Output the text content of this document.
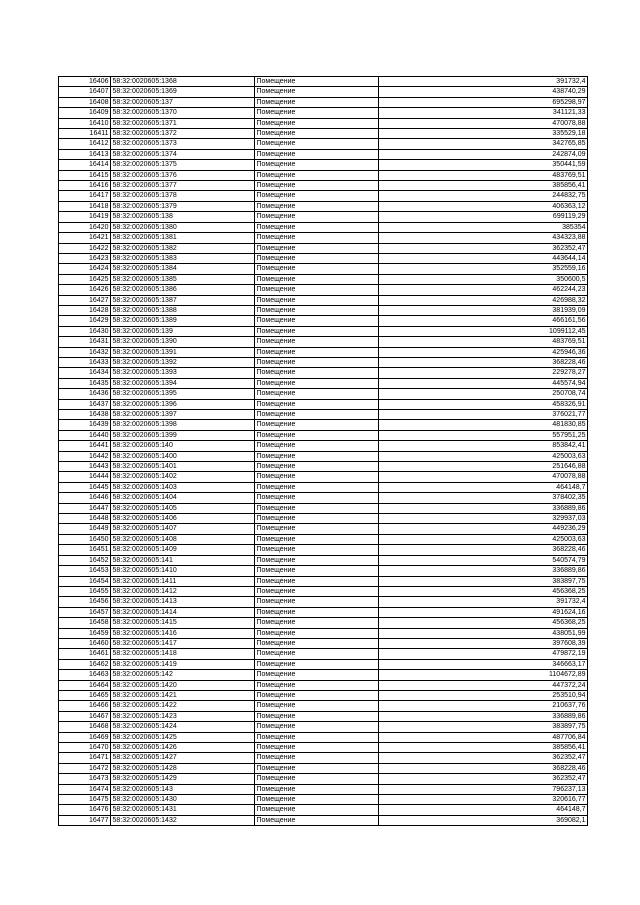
16406	58:32:0020605:1368	Помещение	391732,4
16407	58:32:0020605:1369	Помещение	438740,29
16408	58:32:0020605:137	Помещение	695298,97
16409	58:32:0020605:1370	Помещение	341121,33
16410	58:32:0020605:1371	Помещение	470078,88
16411	58:32:0020605:1372	Помещение	335529,18
16412	58:32:0020605:1373	Помещение	342765,85
16413	58:32:0020605:1374	Помещение	242874,09
16414	58:32:0020605:1375	Помещение	350441,59
16415	58:32:0020605:1376	Помещение	483769,51
16416	58:32:0020605:1377	Помещение	385856,41
16417	58:32:0020605:1378	Помещение	244832,75
16418	58:32:0020605:1379	Помещение	406363,12
16419	58:32:0020605:138	Помещение	699119,29
16420	58:32:0020605:1380	Помещение	385354
16421	58:32:0020605:1381	Помещение	434323,88
16422	58:32:0020605:1382	Помещение	362352,47
16423	58:32:0020605:1383	Помещение	443644,14
16424	58:32:0020605:1384	Помещение	352559,16
16425	58:32:0020605:1385	Помещение	350600,5
16426	58:32:0020605:1386	Помещение	462244,23
16427	58:32:0020605:1387	Помещение	426988,32
16428	58:32:0020605:1388	Помещение	381939,09
16429	58:32:0020605:1389	Помещение	466161,56
16430	58:32:0020605:139	Помещение	1099112,45
16431	58:32:0020605:1390	Помещение	483769,51
16432	58:32:0020605:1391	Помещение	425946,36
16433	58:32:0020605:1392	Помещение	368228,46
16434	58:32:0020605:1393	Помещение	229278,27
16435	58:32:0020605:1394	Помещение	445574,94
16436	58:32:0020605:1395	Помещение	250708,74
16437	58:32:0020605:1396	Помещение	458326,91
16438	58:32:0020605:1397	Помещение	376021,77
16439	58:32:0020605:1398	Помещение	481830,85
16440	58:32:0020605:1399	Помещение	557951,25
16441	58:32:0020605:140	Помещение	853842,41
16442	58:32:0020605:1400	Помещение	425003,63
16443	58:32:0020605:1401	Помещение	251646,88
16444	58:32:0020605:1402	Помещение	470078,88
16445	58:32:0020605:1403	Помещение	464148,7
16446	58:32:0020605:1404	Помещение	378402,35
16447	58:32:0020605:1405	Помещение	336889,86
16448	58:32:0020605:1406	Помещение	329937,03
16449	58:32:0020605:1407	Помещение	449236,29
16450	58:32:0020605:1408	Помещение	425003,63
16451	58:32:0020605:1409	Помещение	368228,46
16452	58:32:0020605:141	Помещение	540574,79
16453	58:32:0020605:1410	Помещение	336889,86
16454	58:32:0020605:1411	Помещение	383897,75
16455	58:32:0020605:1412	Помещение	456368,25
16456	58:32:0020605:1413	Помещение	391732,4
16457	58:32:0020605:1414	Помещение	491624,16
16458	58:32:0020605:1415	Помещение	456368,25
16459	58:32:0020605:1416	Помещение	438051,99
16460	58:32:0020605:1417	Помещение	397608,39
16461	58:32:0020605:1418	Помещение	479872,19
16462	58:32:0020605:1419	Помещение	346663,17
16463	58:32:0020605:142	Помещение	1104672,89
16464	58:32:0020605:1420	Помещение	447372,24
16465	58:32:0020605:1421	Помещение	253510,94
16466	58:32:0020605:1422	Помещение	210637,76
16467	58:32:0020605:1423	Помещение	336889,86
16468	58:32:0020605:1424	Помещение	383897,75
16469	58:32:0020605:1425	Помещение	487706,84
16470	58:32:0020605:1426	Помещение	385856,41
16471	58:32:0020605:1427	Помещение	362352,47
16472	58:32:0020605:1428	Помещение	368228,46
16473	58:32:0020605:1429	Помещение	362352,47
16474	58:32:0020605:143	Помещение	796237,13
16475	58:32:0020605:1430	Помещение	320616,77
16476	58:32:0020605:1431	Помещение	464148,7
16477	58:32:0020605:1432	Помещение	369082,1
